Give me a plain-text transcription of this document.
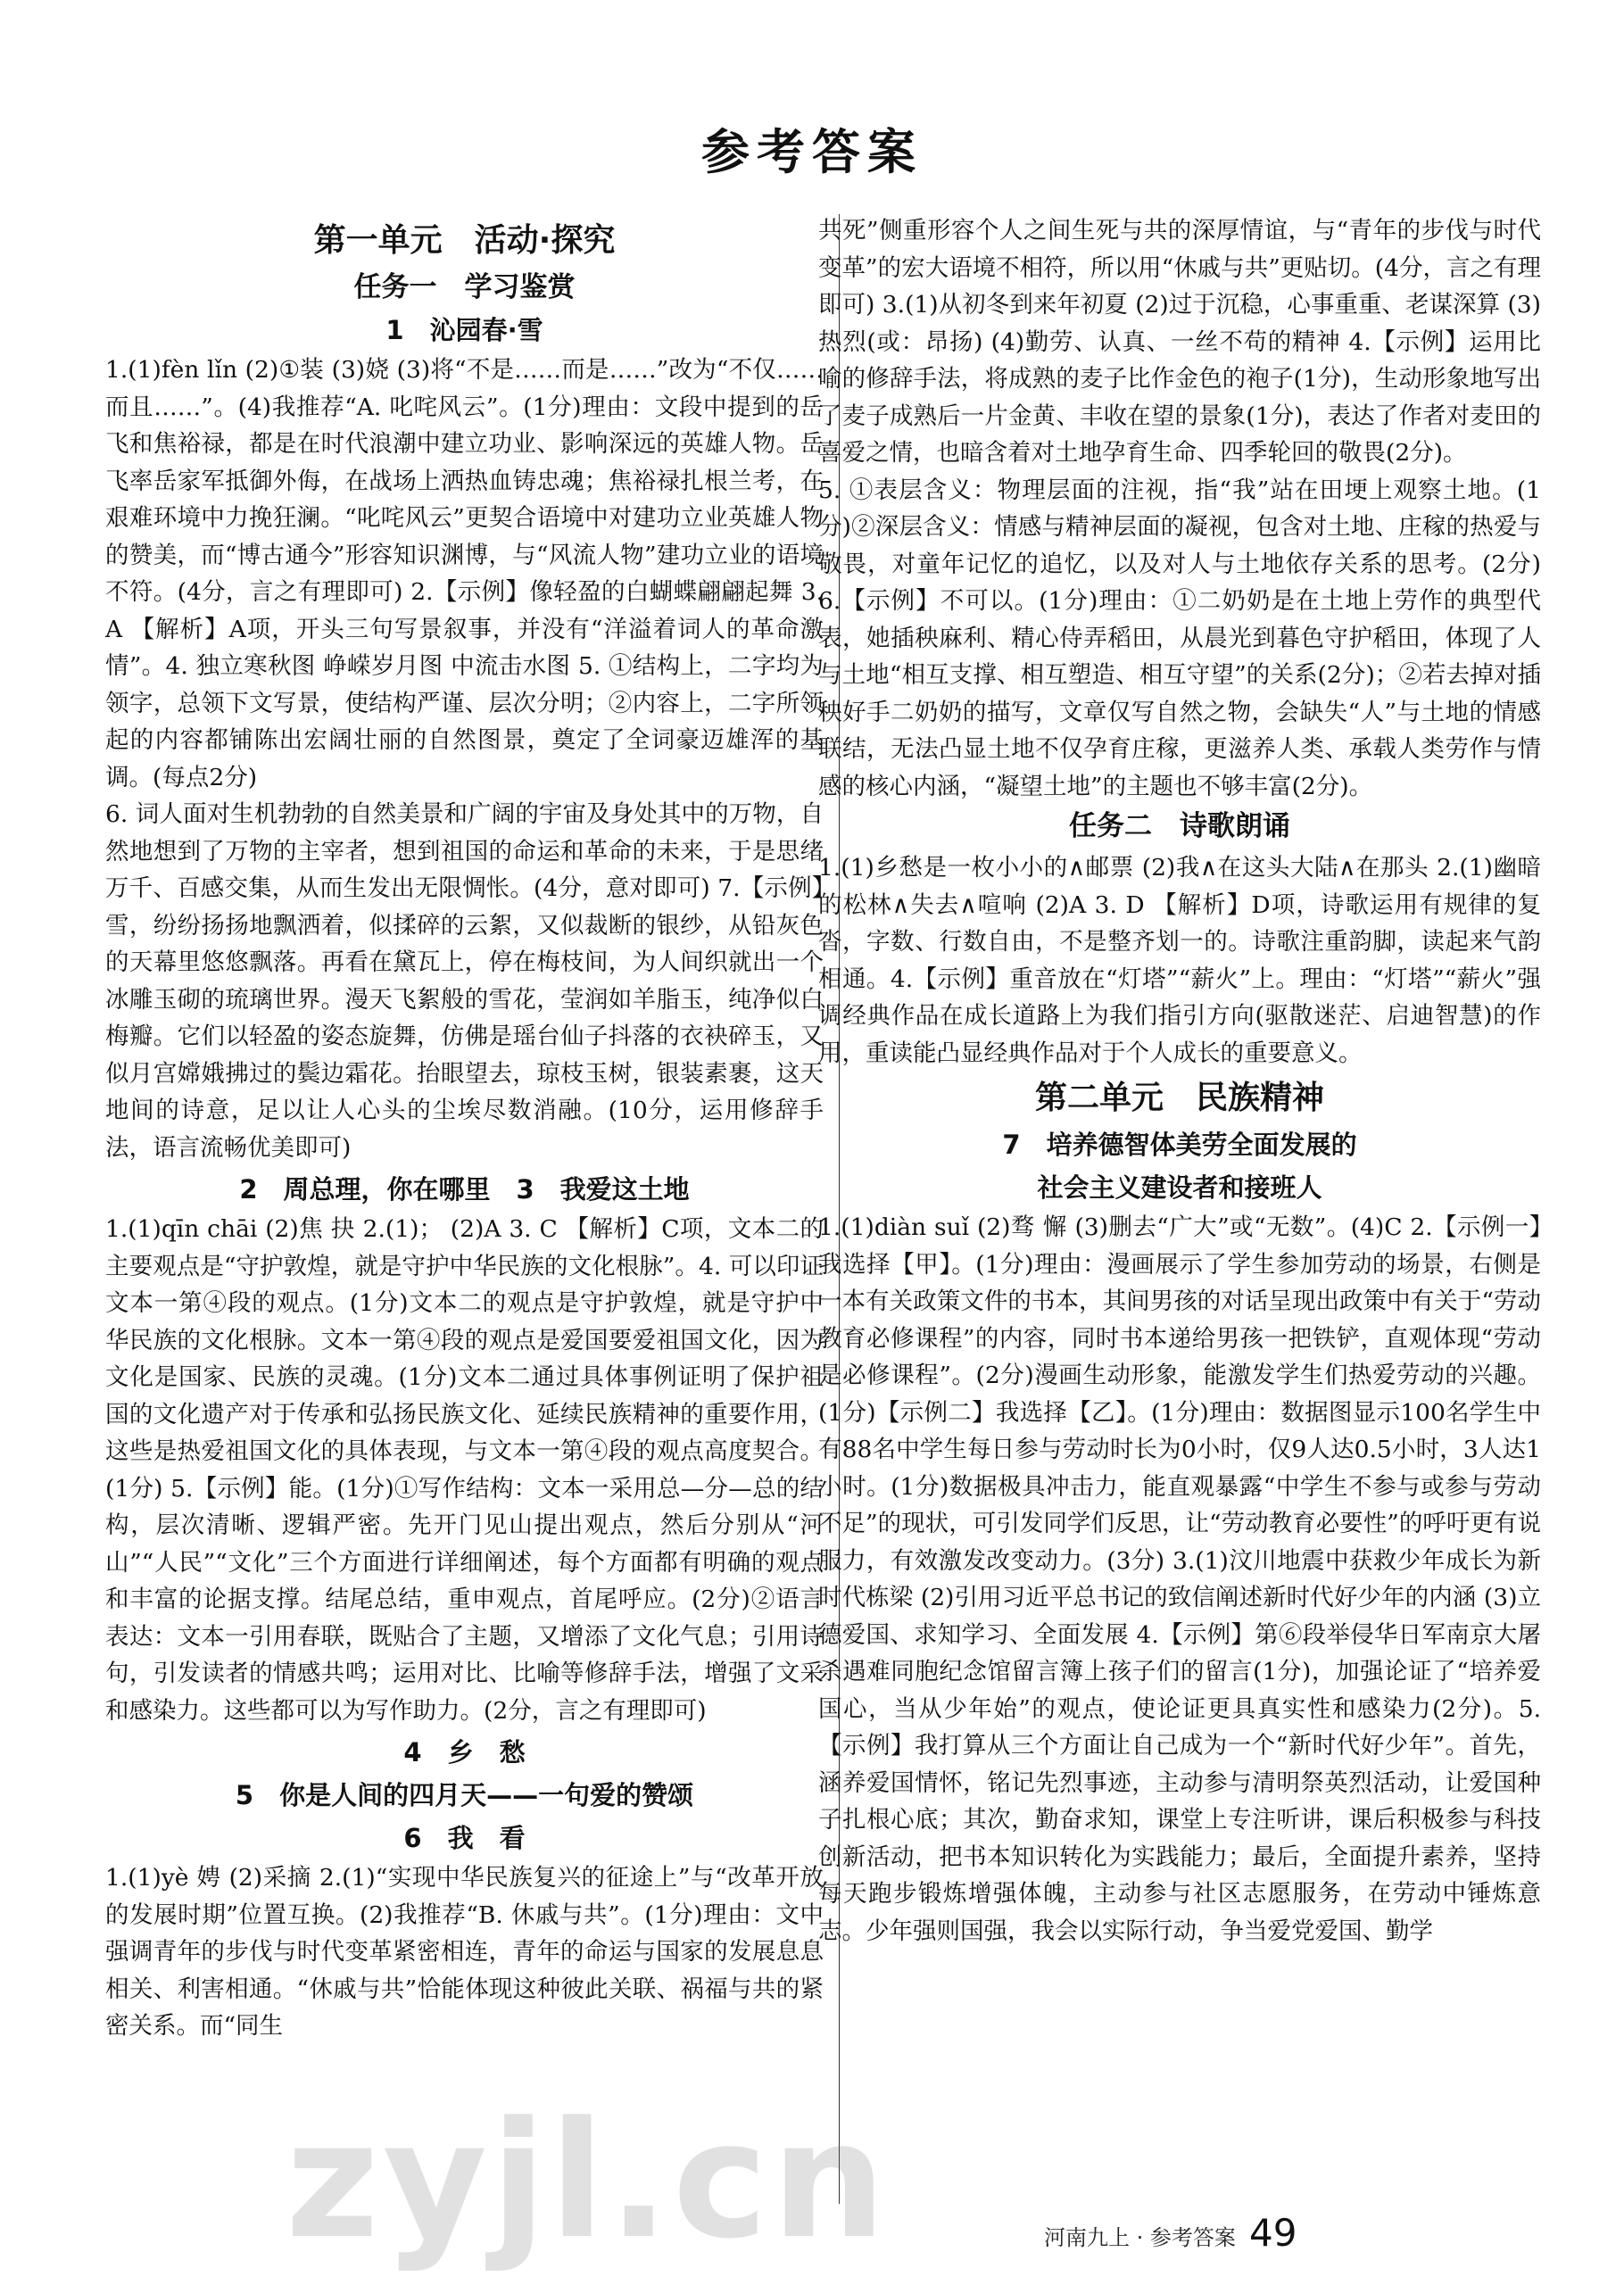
参考答案
第一单元　活动·探究
任务一　学习鉴赏
1　沁园春·雪

1.(1)fèn lǐn (2)①装 (3)娆 (3)将“不是……而是……”改为“不仅……而且……”。(4)我推荐“A. 叱咤风云”。(1分)理由：文段中提到的岳飞和焦裕禄，都是在时代浪潮中建立功业、影响深远的英雄人物。岳飞率岳家军抵御外侮，在战场上洒热血铸忠魂；焦裕禄扎根兰考，在艰难环境中力挽狂澜。“叱咤风云”更契合语境中对建功立业英雄人物的赞美，而“博古通今”形容知识渊博，与“风流人物”建功立业的语境不符。(4分，言之有理即可) 2.【示例】像轻盈的白蝴蝶翩翩起舞 3. A 【解析】A项，开头三句写景叙事，并没有“洋溢着词人的革命激情”。4. 独立寒秋图 峥嵘岁月图 中流击水图 5. ①结构上，二字均为领字，总领下文写景，使结构严谨、层次分明；②内容上，二字所领起的内容都铺陈出宏阔壮丽的自然图景，奠定了全词豪迈雄浑的基调。(每点2分)

6. 词人面对生机勃勃的自然美景和广阔的宇宙及身处其中的万物，自然地想到了万物的主宰者，想到祖国的命运和革命的未来，于是思绪万千、百感交集，从而生发出无限惆怅。(4分，意对即可) 7.【示例】雪，纷纷扬扬地飘洒着，似揉碎的云絮，又似裁断的银纱，从铅灰色的天幕里悠悠飘落。再看在黛瓦上，停在梅枝间，为人间织就出一个冰雕玉砌的琉璃世界。漫天飞絮般的雪花，莹润如羊脂玉，纯净似白梅瓣。它们以轻盈的姿态旋舞，仿佛是瑶台仙子抖落的衣袂碎玉，又似月宫嫦娥拂过的鬓边霜花。抬眼望去，琼枝玉树，银装素裹，这天地间的诗意，足以让人心头的尘埃尽数消融。(10分，运用修辞手法，语言流畅优美即可)

2　周总理，你在哪里　3　我爱这土地

1.(1)qīn chāi (2)焦 抉 2.(1)； (2)A 3. C 【解析】C项，文本二的主要观点是“守护敦煌，就是守护中华民族的文化根脉”。4. 可以印证文本一第④段的观点。(1分)文本二的观点是守护敦煌，就是守护中华民族的文化根脉。文本一第④段的观点是爱国要爱祖国文化，因为文化是国家、民族的灵魂。(1分)文本二通过具体事例证明了保护祖国的文化遗产对于传承和弘扬民族文化、延续民族精神的重要作用，这些是热爱祖国文化的具体表现，与文本一第④段的观点高度契合。(1分) 5.【示例】能。(1分)①写作结构：文本一采用总—分—总的结构，层次清晰、逻辑严密。先开门见山提出观点，然后分别从“河山”“人民”“文化”三个方面进行详细阐述，每个方面都有明确的观点和丰富的论据支撑。结尾总结，重申观点，首尾呼应。(2分)②语言表达：文本一引用春联，既贴合了主题，又增添了文化气息；引用诗句，引发读者的情感共鸣；运用对比、比喻等修辞手法，增强了文采和感染力。这些都可以为写作助力。(2分，言之有理即可)

4　乡　愁
5　你是人间的四月天——一句爱的赞颂
6　我　看

1.(1)yè 娉 (2)采摘 2.(1)“实现中华民族复兴的征途上”与“改革开放的发展时期”位置互换。(2)我推荐“B. 休戚与共”。(1分)理由：文中强调青年的步伐与时代变革紧密相连，青年的命运与国家的发展息息相关、利害相通。“休戚与共”恰能体现这种彼此关联、祸福与共的紧密关系。而“同生

共死”侧重形容个人之间生死与共的深厚情谊，与“青年的步伐与时代变革”的宏大语境不相符，所以用“休戚与共”更贴切。(4分，言之有理即可) 3.(1)从初冬到来年初夏 (2)过于沉稳，心事重重、老谋深算 (3)热烈(或：昂扬) (4)勤劳、认真、一丝不苟的精神 4.【示例】运用比喻的修辞手法，将成熟的麦子比作金色的袍子(1分)，生动形象地写出了麦子成熟后一片金黄、丰收在望的景象(1分)，表达了作者对麦田的喜爱之情，也暗含着对土地孕育生命、四季轮回的敬畏(2分)。

5. ①表层含义：物理层面的注视，指“我”站在田埂上观察土地。(1分)②深层含义：情感与精神层面的凝视，包含对土地、庄稼的热爱与敬畏，对童年记忆的追忆，以及对人与土地依存关系的思考。(2分) 6.【示例】不可以。(1分)理由：①二奶奶是在土地上劳作的典型代表，她插秧麻利、精心侍弄稻田，从晨光到暮色守护稻田，体现了人与土地“相互支撑、相互塑造、相互守望”的关系(2分)；②若去掉对插秧好手二奶奶的描写，文章仅写自然之物，会缺失“人”与土地的情感联结，无法凸显土地不仅孕育庄稼，更滋养人类、承载人类劳作与情感的核心内涵，“凝望土地”的主题也不够丰富(2分)。

任务二　诗歌朗诵

1.(1)乡愁是一枚小小的∧邮票 (2)我∧在这头大陆∧在那头 2.(1)幽暗的松林∧失去∧喧响 (2)A 3. D 【解析】D项，诗歌运用有规律的复沓，字数、行数自由，不是整齐划一的。诗歌注重韵脚，读起来气韵相通。4.【示例】重音放在“灯塔”“薪火”上。理由：“灯塔”“薪火”强调经典作品在成长道路上为我们指引方向(驱散迷茫、启迪智慧)的作用，重读能凸显经典作品对于个人成长的重要意义。

第二单元　民族精神
7　培养德智体美劳全面发展的
社会主义建设者和接班人

1.(1)diàn suǐ (2)骛 懈 (3)删去“广大”或“无数”。(4)C 2.【示例一】我选择【甲】。(1分)理由：漫画展示了学生参加劳动的场景，右侧是一本有关政策文件的书本，其间男孩的对话呈现出政策中有关于“劳动教育必修课程”的内容，同时书本递给男孩一把铁铲，直观体现“劳动是必修课程”。(2分)漫画生动形象，能激发学生们热爱劳动的兴趣。(1分)【示例二】我选择【乙】。(1分)理由：数据图显示100名学生中有88名中学生每日参与劳动时长为0小时，仅9人达0.5小时，3人达1小时。(1分)数据极具冲击力，能直观暴露“中学生不参与或参与劳动不足”的现状，可引发同学们反思，让“劳动教育必要性”的呼吁更有说服力，有效激发改变动力。(3分) 3.(1)汶川地震中获救少年成长为新时代栋梁 (2)引用习近平总书记的致信阐述新时代好少年的内涵 (3)立德爱国、求知学习、全面发展 4.【示例】第⑥段举侵华日军南京大屠杀遇难同胞纪念馆留言簿上孩子们的留言(1分)，加强论证了“培养爱国心，当从少年始”的观点，使论证更具真实性和感染力(2分)。5.【示例】我打算从三个方面让自己成为一个“新时代好少年”。首先，涵养爱国情怀，铭记先烈事迹，主动参与清明祭英烈活动，让爱国种子扎根心底；其次，勤奋求知，课堂上专注听讲，课后积极参与科技创新活动，把书本知识转化为实践能力；最后，全面提升素养，坚持每天跑步锻炼增强体魄，主动参与社区志愿服务，在劳动中锤炼意志。少年强则国强，我会以实际行动，争当爱党爱国、勤学

zyjl.cn	河南九上 · 参考答案 49
